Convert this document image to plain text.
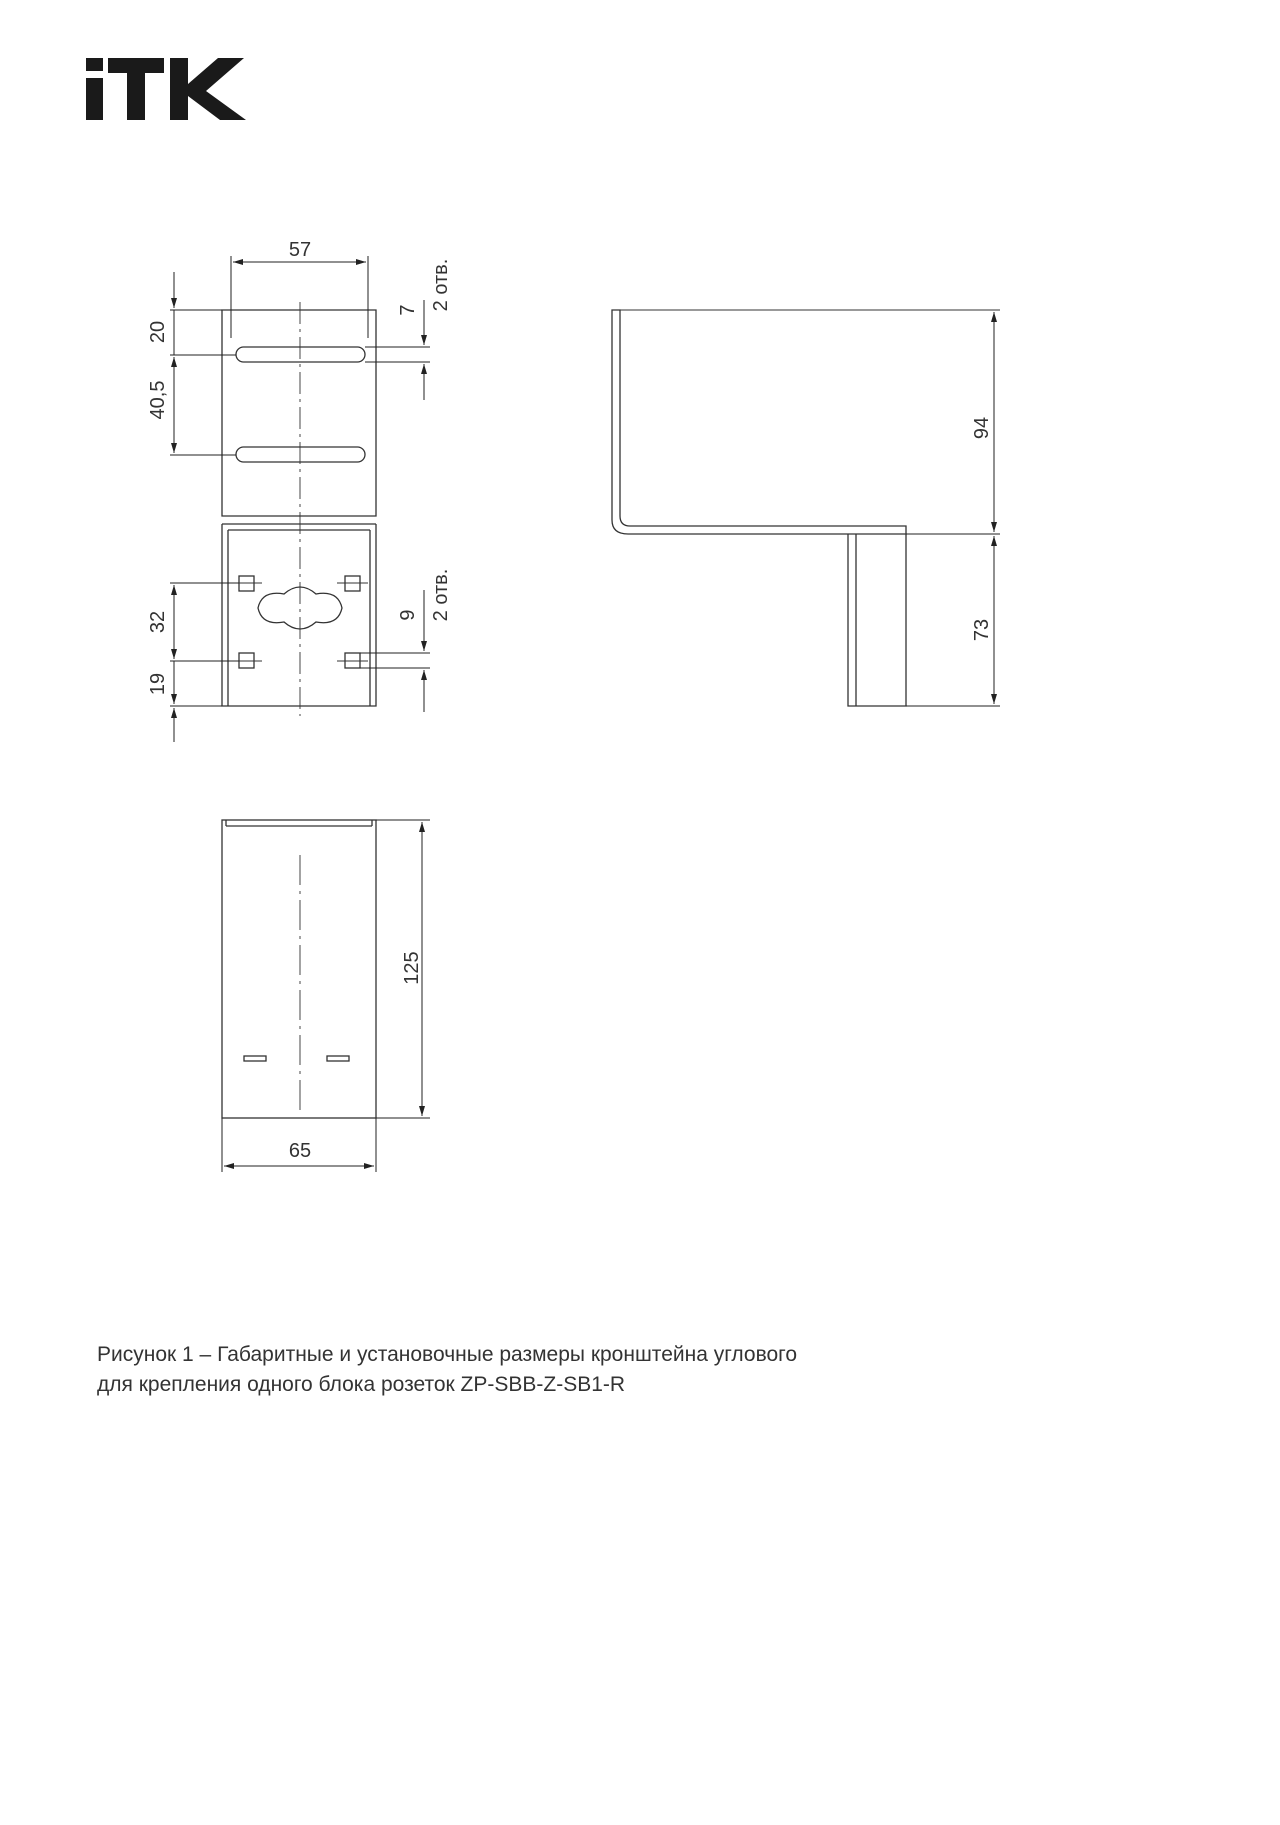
iTK
57
20
40,5
7 2 отв.
32
19
9 2 отв.
94
73
125
65
Рисунок 1 – Габаритные и установочные размеры кронштейна углового
для крепления одного блока розеток ZP-SBB-Z-SB1-R
